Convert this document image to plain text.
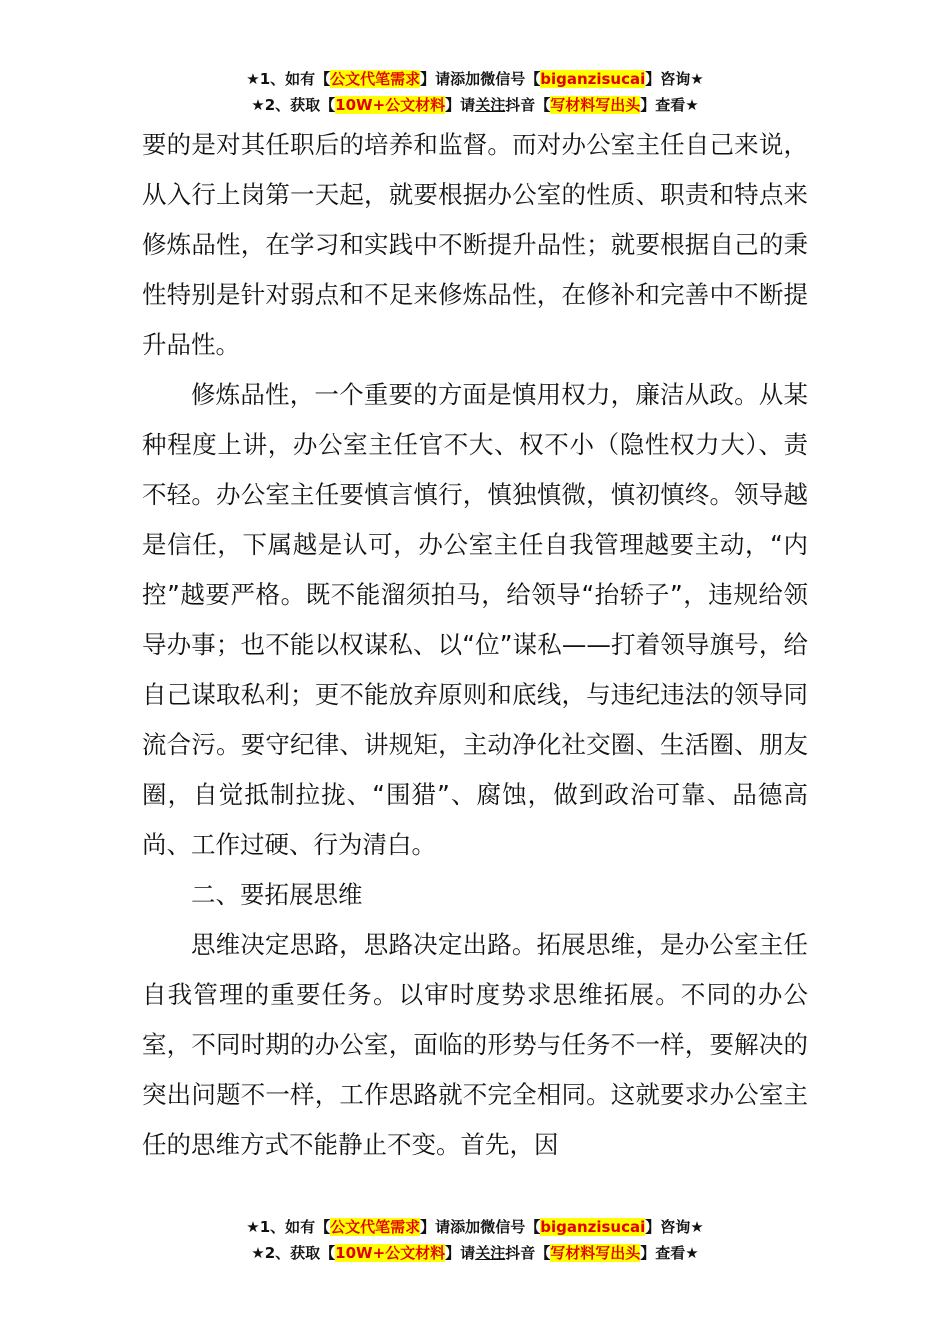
★1、如有【公文代笔需求】请添加微信号【biganzisucai】咨询★
★2、获取【10W+公文材料】请关注抖音【写材料写出头】查看★

要的是对其任职后的培养和监督。而对办公室主任自己来说，从入行上岗第一天起，就要根据办公室的性质、职责和特点来修炼品性，在学习和实践中不断提升品性；就要根据自己的秉性特别是针对弱点和不足来修炼品性，在修补和完善中不断提升品性。

修炼品性，一个重要的方面是慎用权力，廉洁从政。从某种程度上讲，办公室主任官不大、权不小（隐性权力大）、责不轻。办公室主任要慎言慎行，慎独慎微，慎初慎终。领导越是信任，下属越是认可，办公室主任自我管理越要主动，“内控”越要严格。既不能溜须拍马，给领导“抬轿子”，违规给领导办事；也不能以权谋私、以“位”谋私——打着领导旗号，给自己谋取私利；更不能放弃原则和底线，与违纪违法的领导同流合污。要守纪律、讲规矩，主动净化社交圈、生活圈、朋友圈，自觉抵制拉拢、“围猎”、腐蚀，做到政治可靠、品德高尚、工作过硬、行为清白。

二、要拓展思维

思维决定思路，思路决定出路。拓展思维，是办公室主任自我管理的重要任务。以审时度势求思维拓展。不同的办公室，不同时期的办公室，面临的形势与任务不一样，要解决的突出问题不一样，工作思路就不完全相同。这就要求办公室主任的思维方式不能静止不变。首先，因

★1、如有【公文代笔需求】请添加微信号【biganzisucai】咨询★
★2、获取【10W+公文材料】请关注抖音【写材料写出头】查看★
